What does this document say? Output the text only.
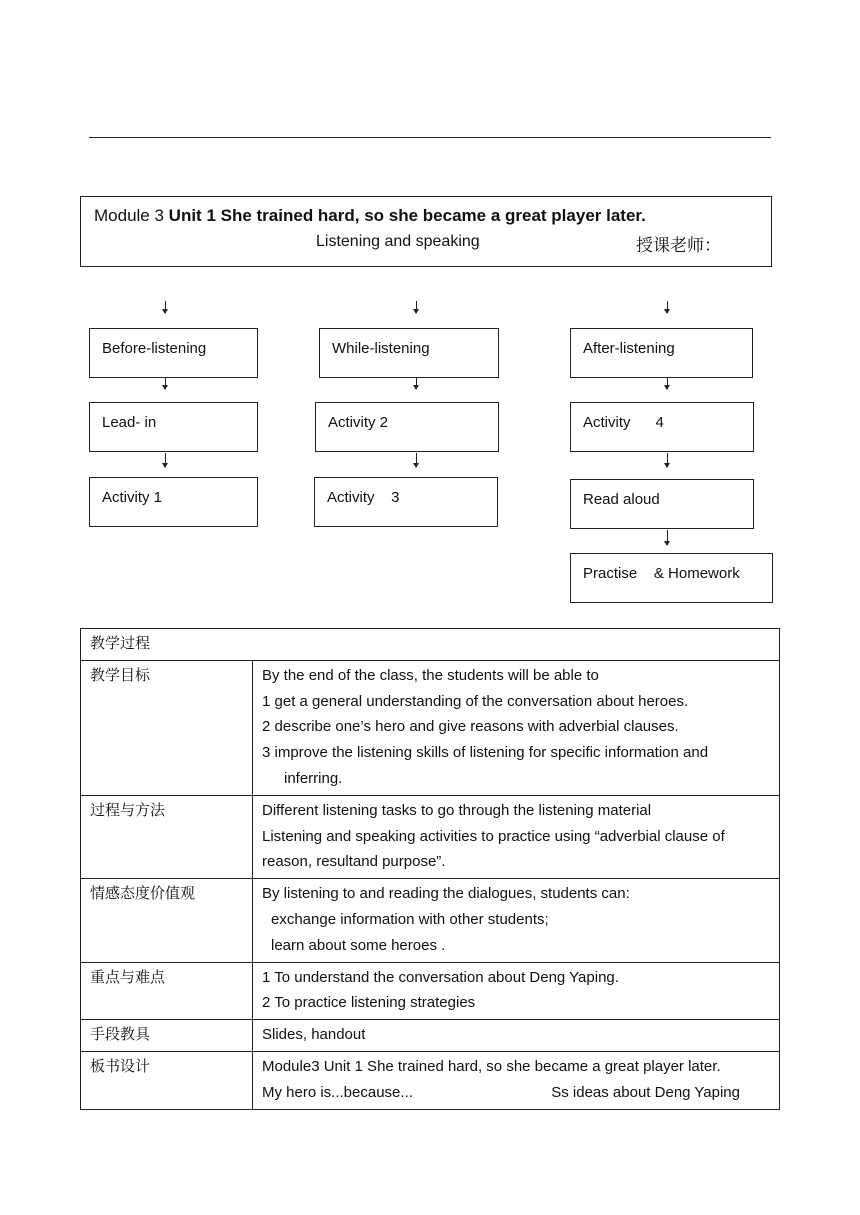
Module 3 Unit 1 She trained hard, so she became a great player later.
Listening and speaking	授课老师：
Before-listening
Lead- in
Activity 1
While-listening
Activity 2
Activity    3
After-listening
Activity      4
Read aloud
Practise    & Homework
教学过程	
教学目标	By the end of the class, the students will be able to
1 get a general understanding of the conversation about heroes.
2 describe one’s hero and give reasons with adverbial clauses.
3 improve the listening skills of listening for specific information and
inferring.

过程与方法	Different listening tasks to go through the listening material
Listening and speaking activities to practice using “adverbial clause of
reason, resultand purpose”.

情感态度价值观	By listening to and reading the dialogues, students can:
exchange information with other students;
learn about some heroes .

重点与难点	1 To understand the conversation about Deng Yaping.
2 To practice listening strategies

手段教具	Slides, handout

板书设计	Module3 Unit 1 She trained hard, so she became a great player later.
My hero is...because... Ss ideas about Deng Yaping
